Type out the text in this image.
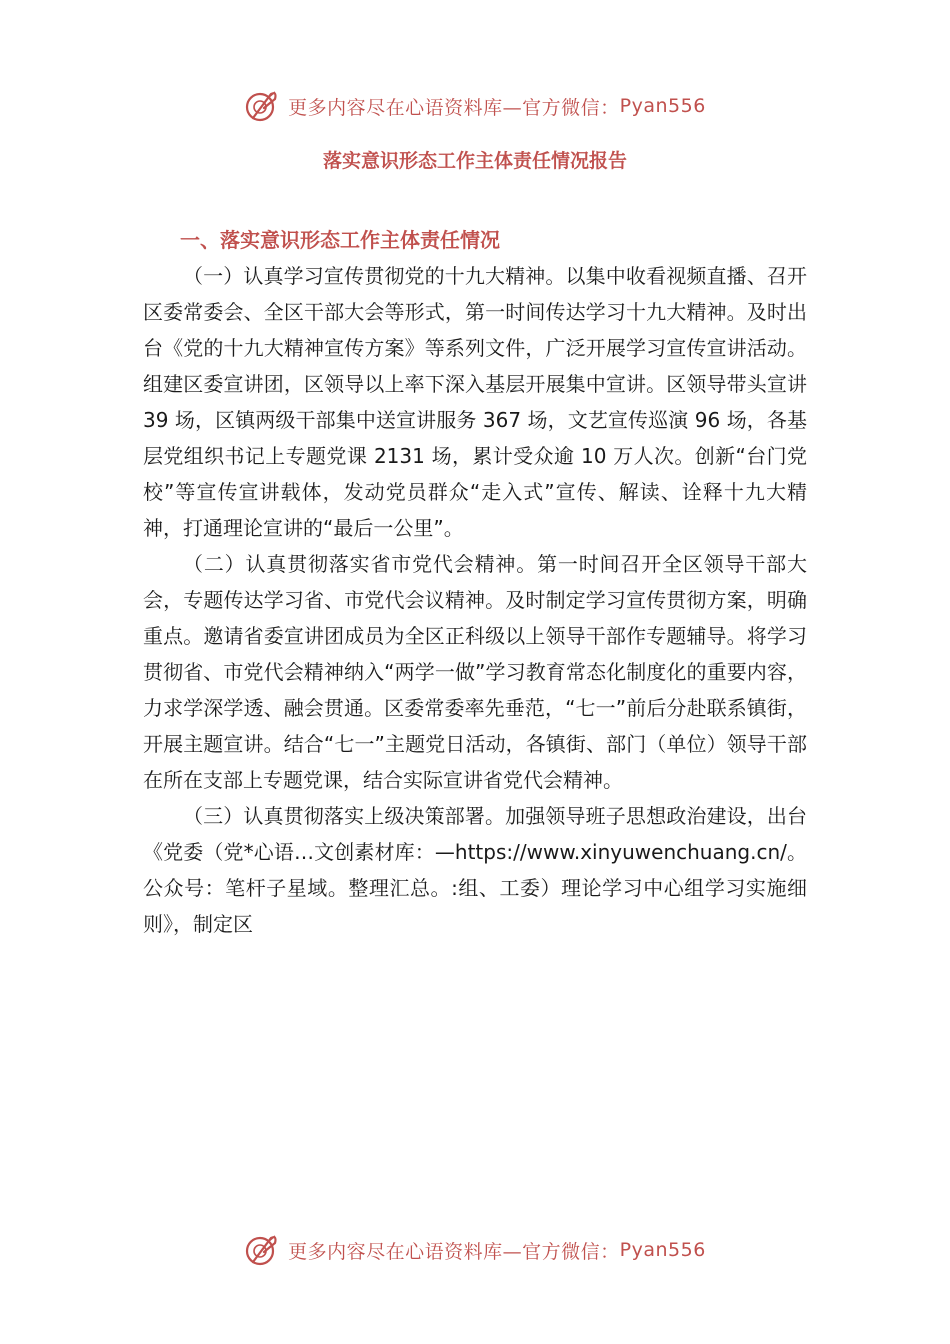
更多内容尽在心语资料库—官方微信： Pyan556
落实意识形态工作主体责任情况报告
一、落实意识形态工作主体责任情况

（一）认真学习宣传贯彻党的十九大精神。以集中收看视频直播、召开区委常委会、全区干部大会等形式，第一时间传达学习十九大精神。及时出台《党的十九大精神宣传方案》等系列文件，广泛开展学习宣传宣讲活动。组建区委宣讲团，区领导以上率下深入基层开展集中宣讲。区领导带头宣讲 39 场，区镇两级干部集中送宣讲服务 367 场，文艺宣传巡演 96 场，各基层党组织书记上专题党课 2131 场，累计受众逾 10 万人次。创新“台门党校”等宣传宣讲载体，发动党员群众“走入式”宣传、解读、诠释十九大精神，打通理论宣讲的“最后一公里”。

（二）认真贯彻落实省市党代会精神。第一时间召开全区领导干部大会，专题传达学习省、市党代会议精神。及时制定学习宣传贯彻方案，明确重点。邀请省委宣讲团成员为全区正科级以上领导干部作专题辅导。将学习贯彻省、市党代会精神纳入“两学一做”学习教育常态化制度化的重要内容，力求学深学透、融会贯通。区委常委率先垂范，“七一”前后分赴联系镇街，开展主题宣讲。结合“七一”主题党日活动，各镇街、部门（单位）领导干部在所在支部上专题党课，结合实际宣讲省党代会精神。

（三）认真贯彻落实上级决策部署。加强领导班子思想政治建设，出台《党委（党*心语…文创素材库：—https://www.xinyuwenchuang.cn/。公众号：笔杆子星域。整理汇总。:组、工委）理论学习中心组学习实施细则》，制定区

更多内容尽在心语资料库—官方微信： Pyan556
